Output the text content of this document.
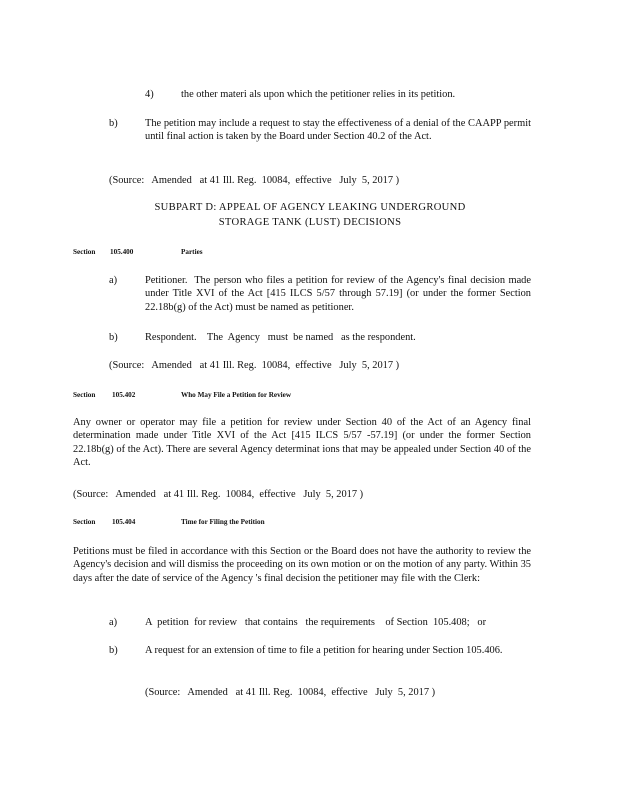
4)	the other materi als upon which the petitioner relies in its petition.
b)	The petition may include a request to stay the effectiveness of a denial of the CAAPP permit until final action is taken by the Board under Section 40.2 of the Act.
(Source:   Amended   at 41 Ill. Reg.  10084,  effective   July  5, 2017 )
SUBPART D: APPEAL OF AGENCY LEAKING UNDERGROUND
STORAGE TANK (LUST) DECISIONS
Section 105.400	Parties
a)	Petitioner.  The person who files a petition for review of the Agency's final decision made under Title XVI of the Act [415 ILCS 5/57 through 57.19] (or under the former Section 22.18b(g) of the Act) must be named as petitioner.
b)	Respondent.    The  Agency   must  be named   as the respondent.
(Source:   Amended   at 41 Ill. Reg.  10084,  effective   July  5, 2017 )
Section 105.402	Who May File a Petition for Review
Any owner or operator may file a petition for review under Section 40 of the Act of an Agency final determination made under Title XVI of the Act [415 ILCS 5/57 -57.19] (or under the former Section 22.18b(g) of the Act). There are several Agency determinat ions that may be appealed under Section 40 of the Act.
(Source:   Amended   at 41 Ill. Reg.  10084,  effective   July  5, 2017 )
Section 105.404	Time for Filing the Petition
Petitions must be filed in accordance with this Section or the Board does not have the authority to review the Agency's decision and will dismiss the proceeding on its own motion or on the motion of any party. Within 35 days after the date of service of the Agency 's final decision the petitioner may file with the Clerk:
a)	A  petition  for review   that contains   the requirements    of Section  105.408;   or
b)	A request for an extension of time to file a petition for hearing under Section 105.406.
(Source:   Amended   at 41 Ill. Reg.  10084,  effective   July  5, 2017 )
